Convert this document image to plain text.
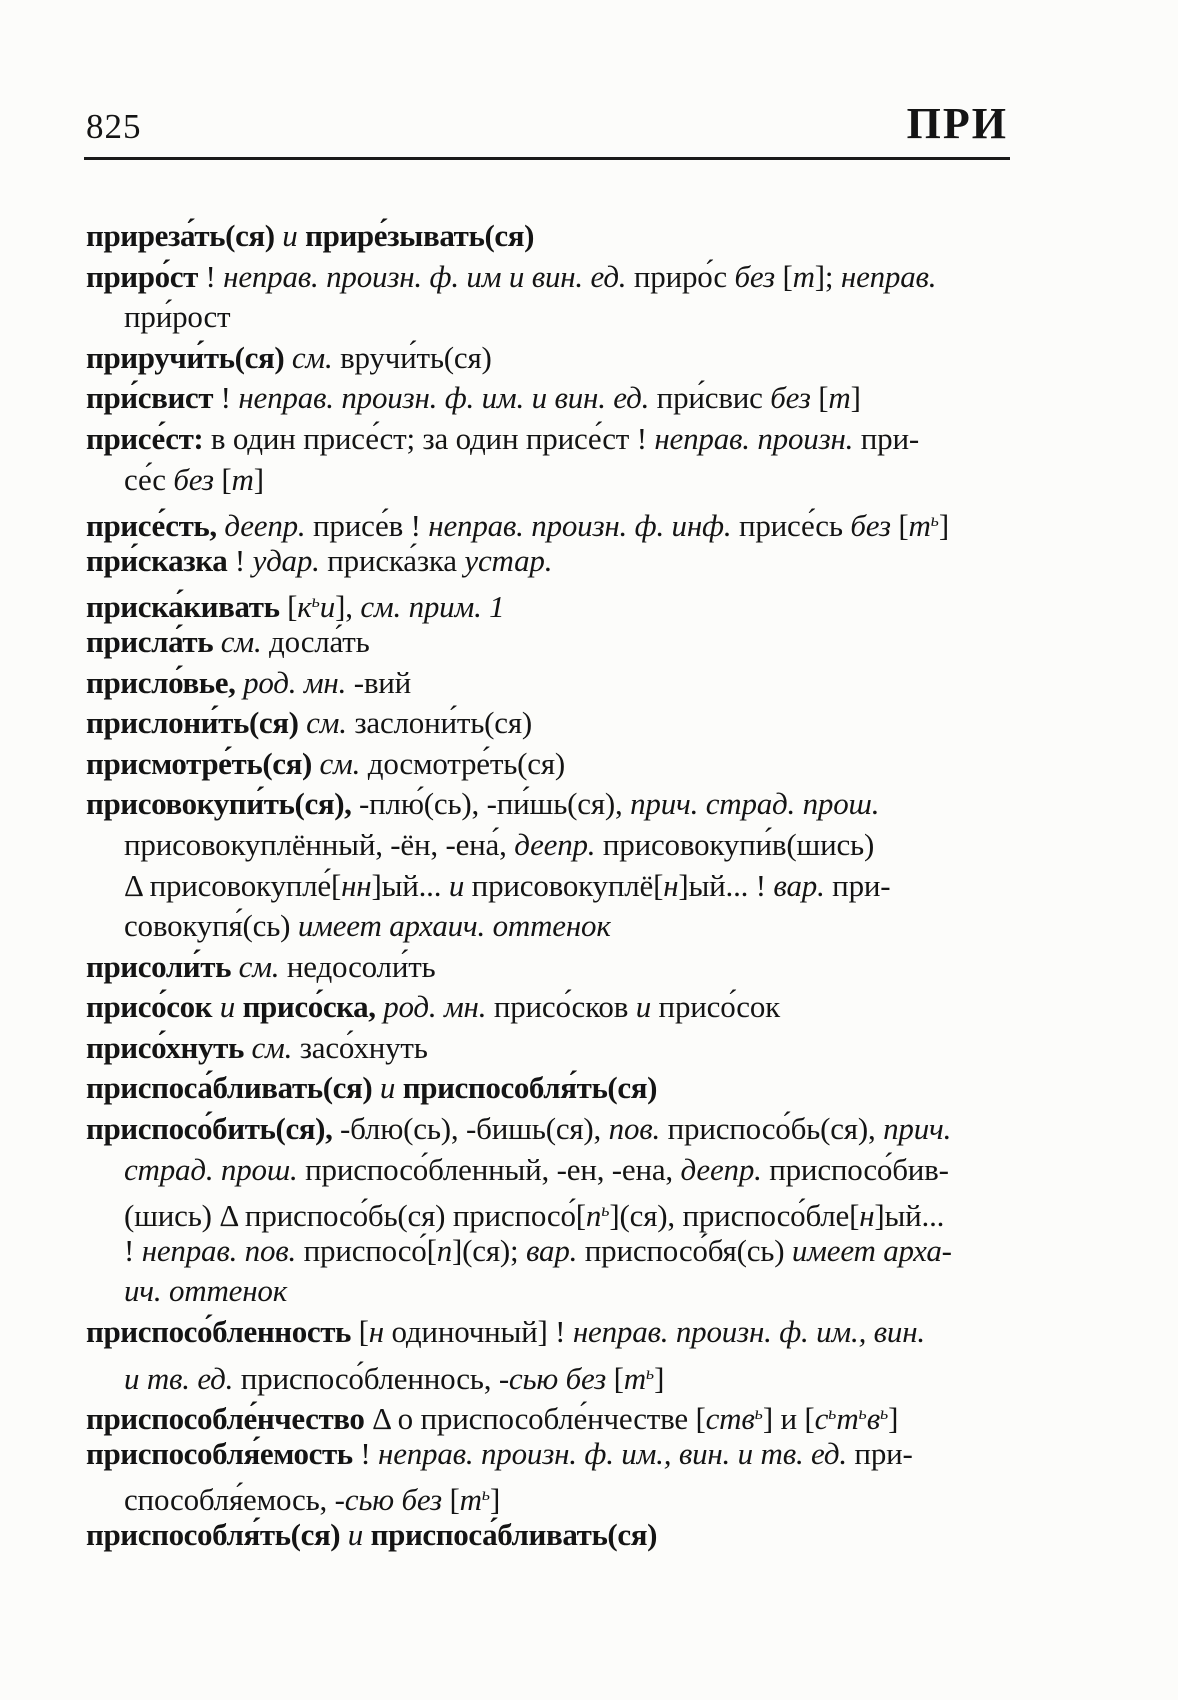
825	ПРИ
приреза́ть(ся) и прире́зывать(ся)
приро́ст ! неправ. произн. ф. им и вин. ед. приро́с без [т]; неправ.
при́рост
приручи́ть(ся) см. вручи́ть(ся)
при́свист ! неправ. произн. ф. им. и вин. ед. при́свис без [т]
присе́ст: в один присе́ст; за один присе́ст ! неправ. произн. при-
се́с без [т]
присе́сть, деепр. присе́в ! неправ. произн. ф. инф. присе́сь без $[т^ь]$
при́сказка ! удар. приска́зка устар.
приска́кивать $[к^ьи]$, см. прим. 1
присла́ть см. досла́ть
присло́вье, род. мн. -вий
прислони́ть(ся) см. заслони́ть(ся)
присмотре́ть(ся) см. досмотре́ть(ся)
присовокупи́ть(ся), -плю́(сь), -пи́шь(ся), прич. страд. прош.
присовокуплённый, -ён, -ена́, деепр. присовокупи́в(шись)
Δ присовокупле́[нн]ый... и присовокуплё[н]ый... ! вар. при-
совокупя́(сь) имеет архаич. оттенок
присоли́ть см. недосоли́ть
присо́сок и присо́ска, род. мн. присо́сков и присо́сок
присо́хнуть см. засо́хнуть
приспоса́бливать(ся) и приспособля́ть(ся)
приспосо́бить(ся), -блю(сь), -бишь(ся), пов. приспосо́бь(ся), прич.
страд. прош. приспосо́бленный, -ен, -ена, деепр. приспосо́бив-
(шись) Δ приспосо́бь(ся) $приспосо́[п^ь](ся)$, приспосо́бле[н]ый...
! неправ. пов. приспосо́[п](ся); вар. приспосо́бя(сь) имеет арха-
ич. оттенок
приспосо́бленность [н одиночный] ! неправ. произн. ф. им., вин.
и тв. ед. приспосо́бленнось, -сью без $[т^ь]$
приспособле́нчество Δ о приспособле́нчестве [ств$^ь$] и $[с^ьт^ьв^ь]$
приспособля́емость ! неправ. произн. ф. им., вин. и тв. ед. при-
способля́емось, -сью без $[т^ь]$
приспособля́ть(ся) и приспоса́бливать(ся)
